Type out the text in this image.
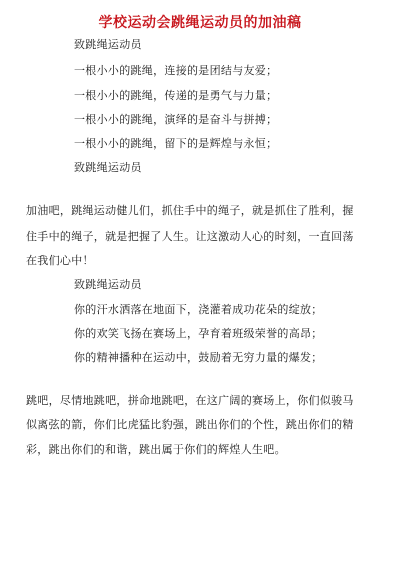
学校运动会跳绳运动员的加油稿
致跳绳运动员
一根小小的跳绳，连接的是团结与友爱；
一根小小的跳绳，传递的是勇气与力量；
一根小小的跳绳，演绎的是奋斗与拼搏；
一根小小的跳绳，留下的是辉煌与永恒；
致跳绳运动员
加油吧，跳绳运动健儿们，抓住手中的绳子，就是抓住了胜利，握
住手中的绳子，就是把握了人生。让这激动人心的时刻，一直回荡
在我们心中！
致跳绳运动员
你的汗水洒落在地面下，浇灌着成功花朵的绽放；
你的欢笑飞扬在赛场上，孕育着班级荣誉的高昂；
你的精神播种在运动中，鼓励着无穷力量的爆发；
跳吧，尽情地跳吧，拼命地跳吧，在这广阔的赛场上，你们似骏马
似离弦的箭，你们比虎猛比豹强，跳出你们的个性，跳出你们的精
彩，跳出你们的和谐，跳出属于你们的辉煌人生吧。
